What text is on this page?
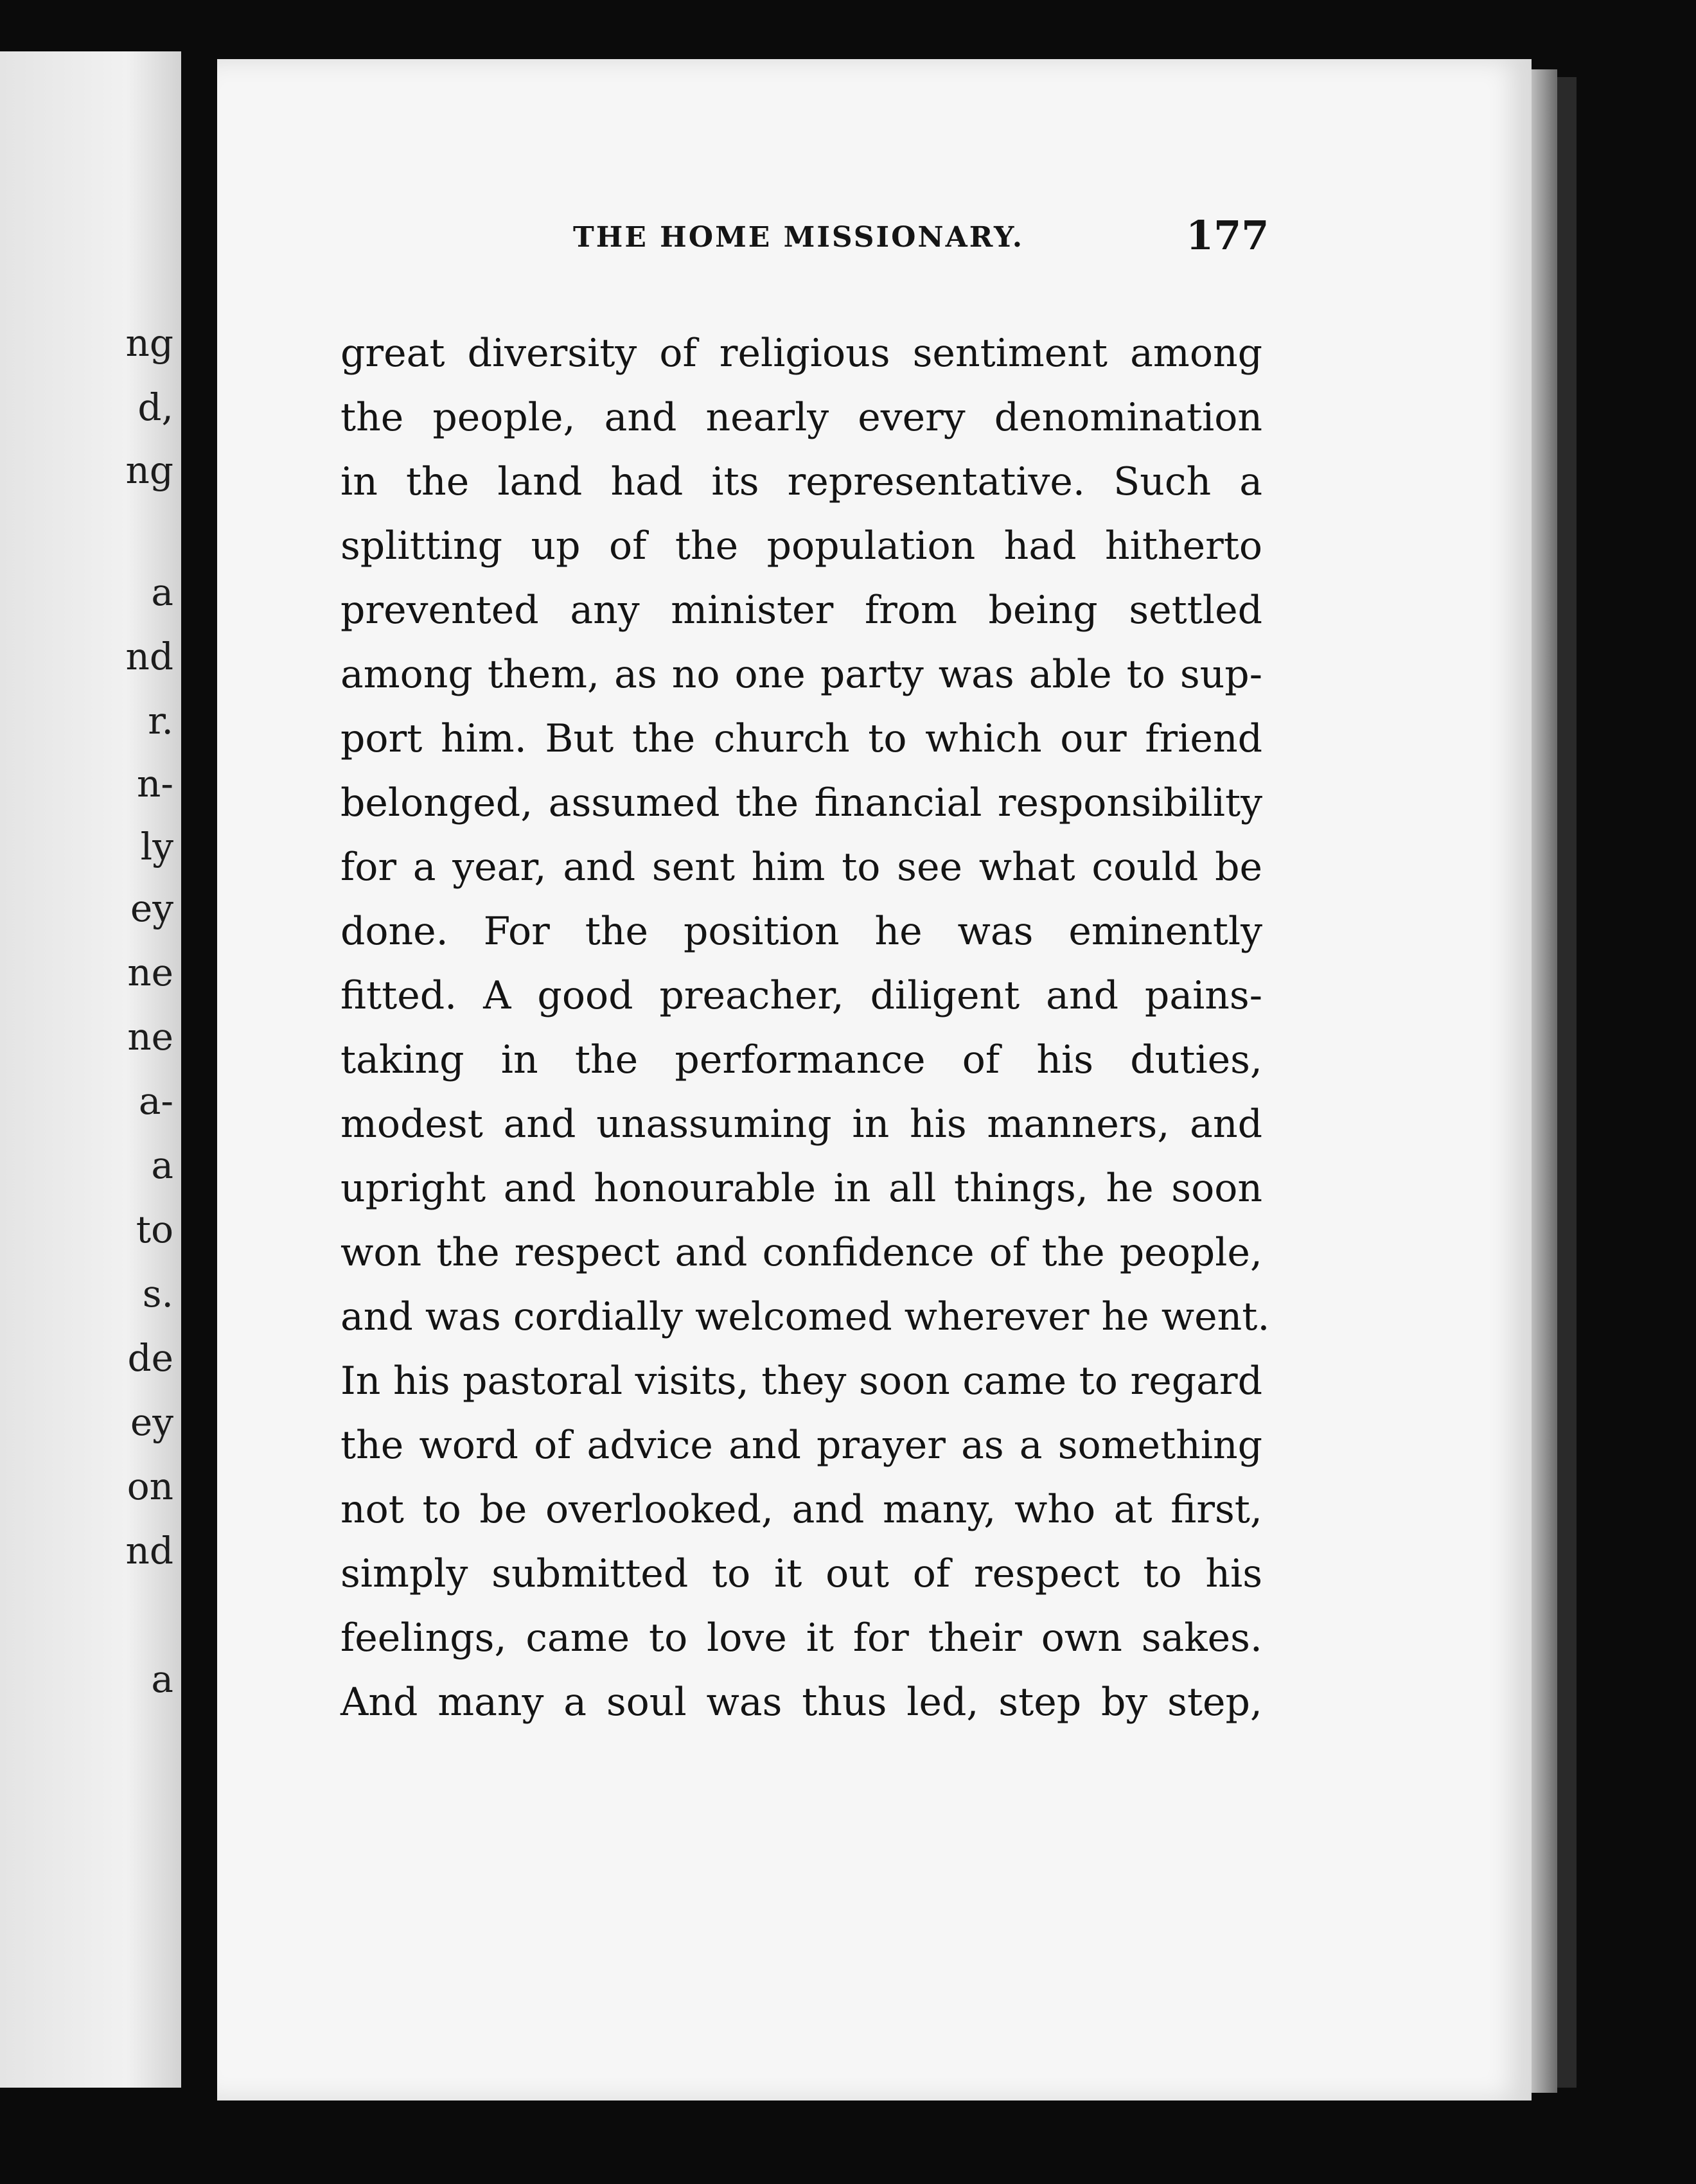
ng
d,
ng
a
nd
r.
n-
ly
ey
ne
ne
a-
a
to
s.
de
ey
on
nd
a
THE HOME MISSIONARY.	177
great diversity of religious sentiment among
the people, and nearly every denomination
in the land had its representative. Such a
splitting up of the population had hitherto
prevented any minister from being settled
among them, as no one party was able to sup-
port him. But the church to which our friend
belonged, assumed the financial responsibility
for a year, and sent him to see what could be
done. For the position he was eminently
fitted. A good preacher, diligent and pains-
taking in the performance of his duties,
modest and unassuming in his manners, and
upright and honourable in all things, he soon
won the respect and confidence of the people,
and was cordially welcomed wherever he went.
In his pastoral visits, they soon came to regard
the word of advice and prayer as a something
not to be overlooked, and many, who at first,
simply submitted to it out of respect to his
feelings, came to love it for their own sakes.
And many a soul was thus led, step by step,
